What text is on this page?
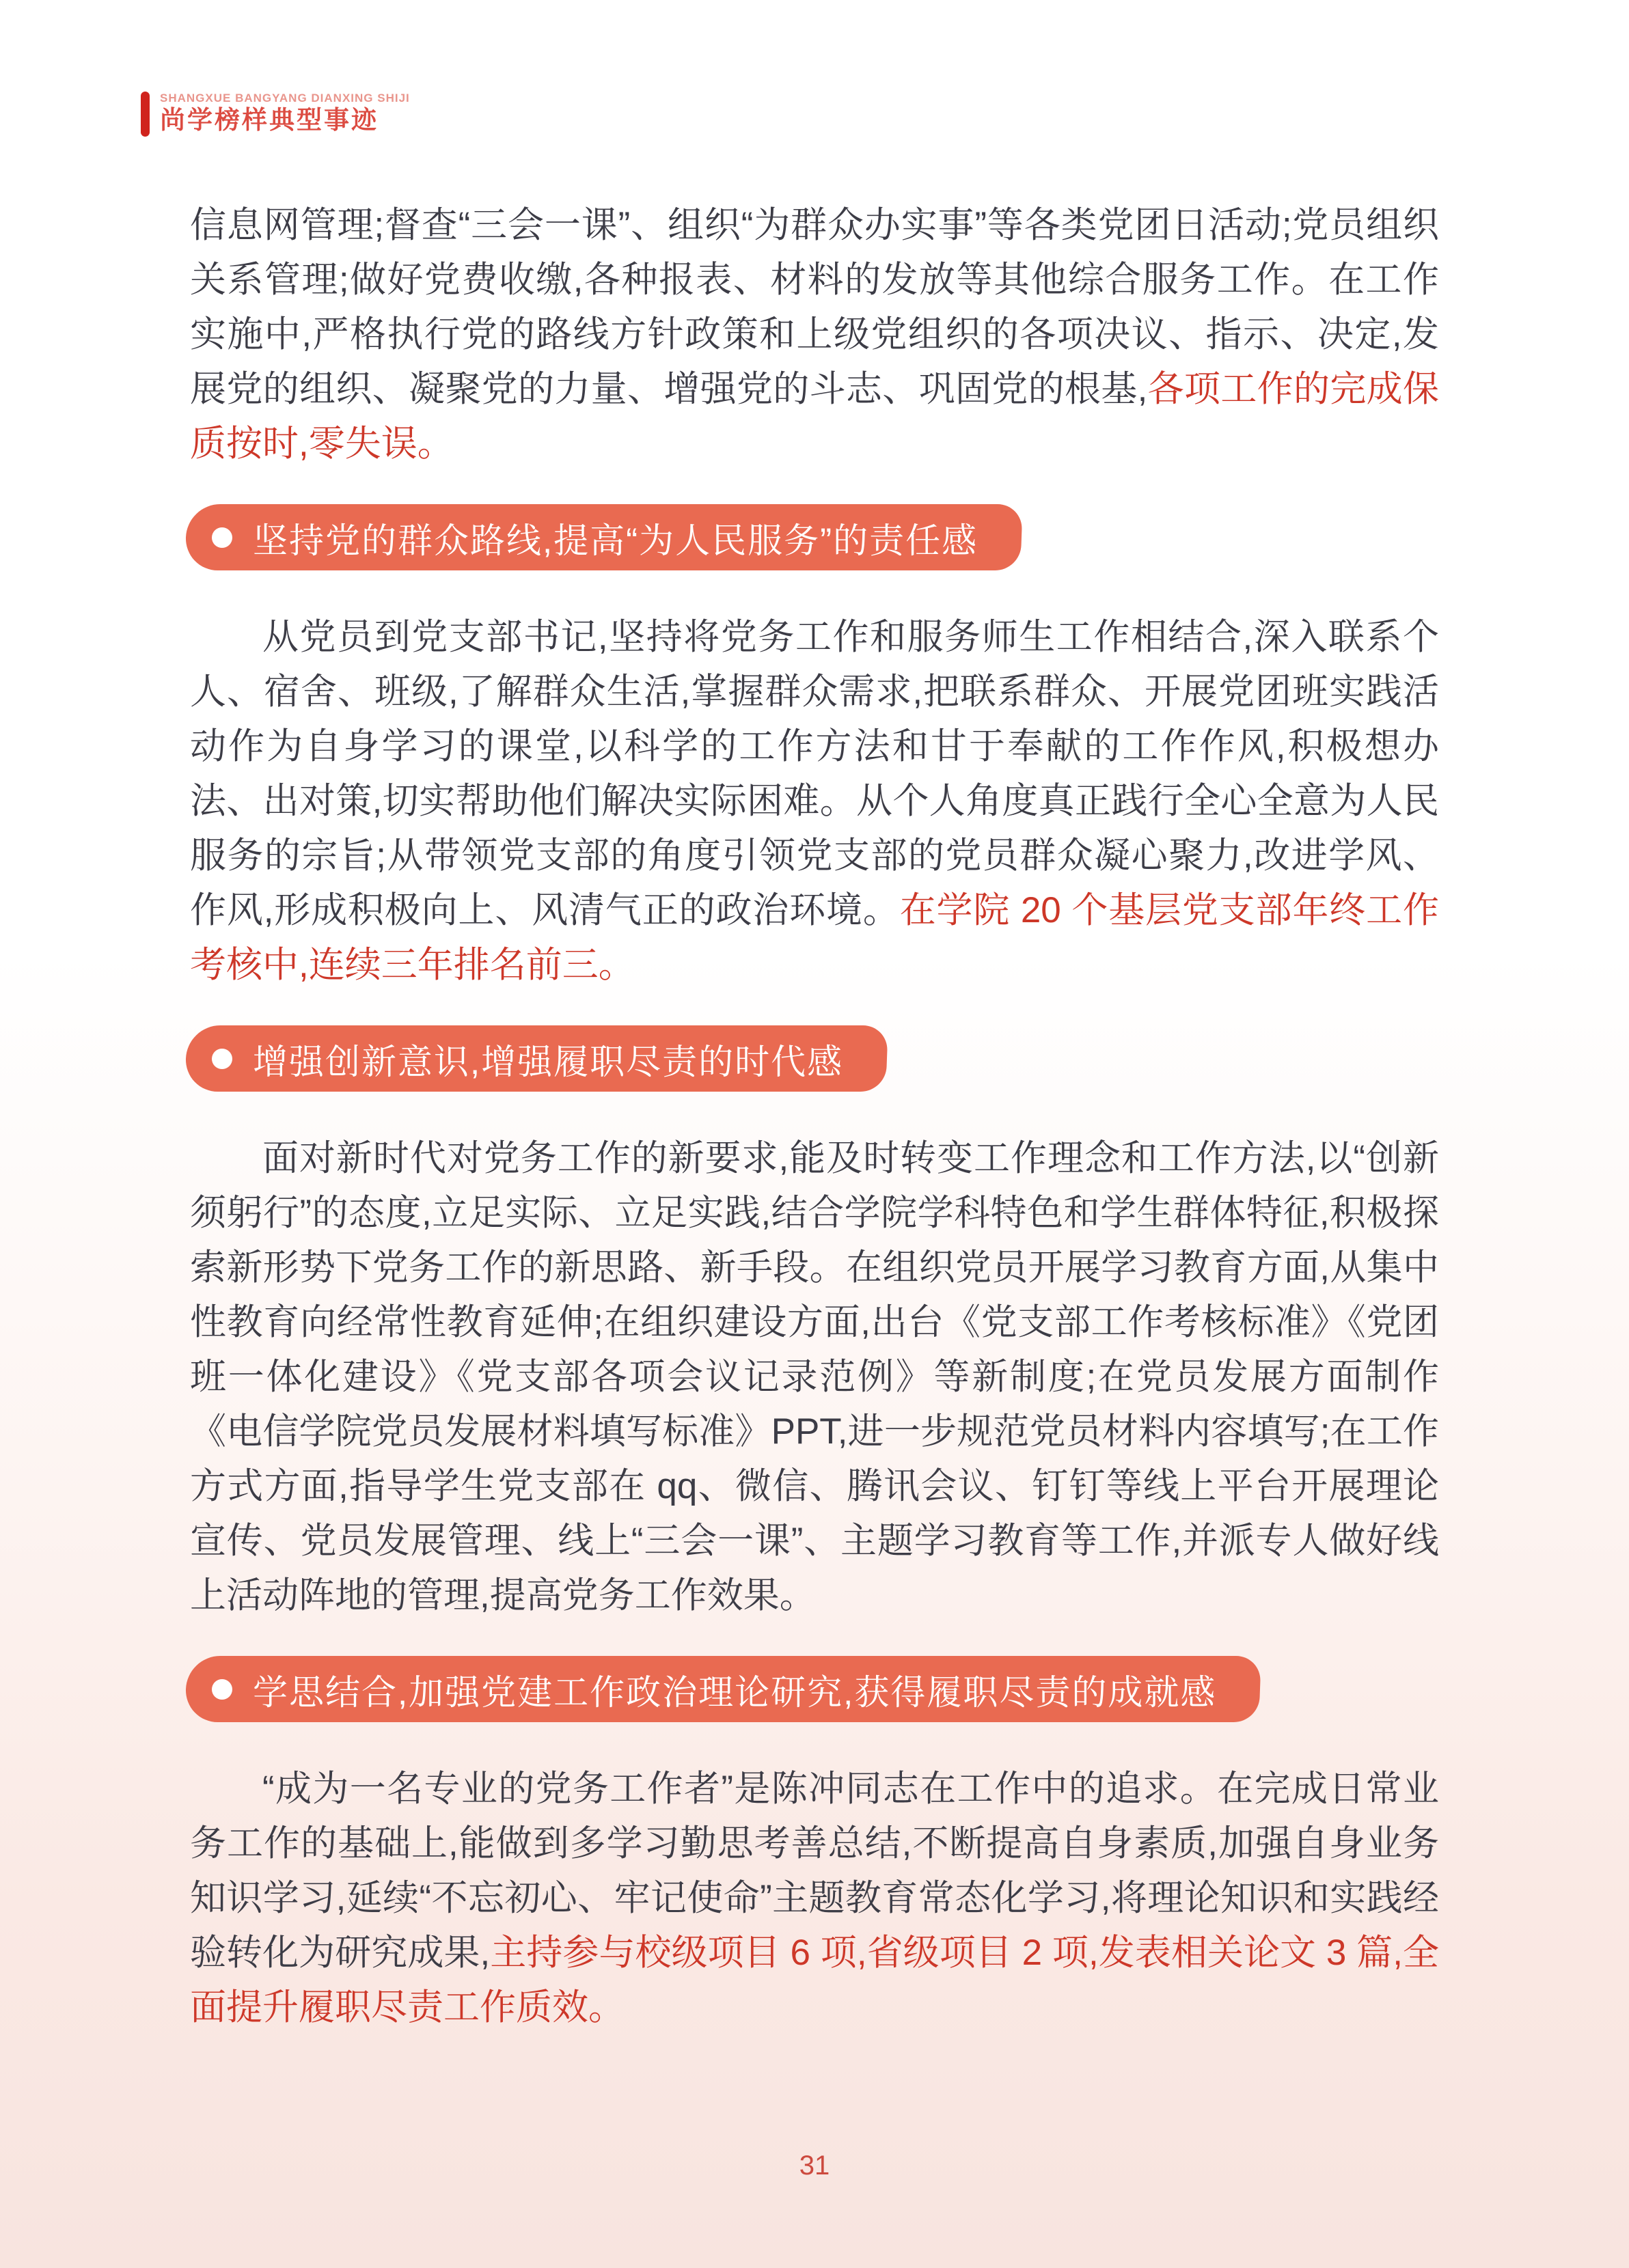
SHANGXUE BANGYANG DIANXING SHIJI
尚学榜样典型事迹

信息网管理;督查“三会一课”、组织“为群众办实事”等各类党团日活动;党员组织关系管理;做好党费收缴,各种报表、材料的发放等其他综合服务工作。在工作实施中,严格执行党的路线方针政策和上级党组织的各项决议、指示、决定,发展党的组织、凝聚党的力量、增强党的斗志、巩固党的根基,各项工作的完成保质按时,零失误。

坚持党的群众路线,提高“为人民服务”的责任感

从党员到党支部书记,坚持将党务工作和服务师生工作相结合,深入联系个人、宿舍、班级,了解群众生活,掌握群众需求,把联系群众、开展党团班实践活动作为自身学习的课堂,以科学的工作方法和甘于奉献的工作作风,积极想办法、出对策,切实帮助他们解决实际困难。从个人角度真正践行全心全意为人民服务的宗旨;从带领党支部的角度引领党支部的党员群众凝心聚力,改进学风、作风,形成积极向上、风清气正的政治环境。在学院 20 个基层党支部年终工作考核中,连续三年排名前三。

增强创新意识,增强履职尽责的时代感

面对新时代对党务工作的新要求,能及时转变工作理念和工作方法,以“创新须躬行”的态度,立足实际、立足实践,结合学院学科特色和学生群体特征,积极探索新形势下党务工作的新思路、新手段。在组织党员开展学习教育方面,从集中性教育向经常性教育延伸;在组织建设方面,出台《党支部工作考核标准》《党团班一体化建设》《党支部各项会议记录范例》等新制度;在党员发展方面制作《电信学院党员发展材料填写标准》PPT,进一步规范党员材料内容填写;在工作方式方面,指导学生党支部在 qq、微信、腾讯会议、钉钉等线上平台开展理论宣传、党员发展管理、线上“三会一课”、主题学习教育等工作,并派专人做好线上活动阵地的管理,提高党务工作效果。

学思结合,加强党建工作政治理论研究,获得履职尽责的成就感

“成为一名专业的党务工作者”是陈冲同志在工作中的追求。在完成日常业务工作的基础上,能做到多学习勤思考善总结,不断提高自身素质,加强自身业务知识学习,延续“不忘初心、牢记使命”主题教育常态化学习,将理论知识和实践经验转化为研究成果,主持参与校级项目 6 项,省级项目 2 项,发表相关论文 3 篇,全面提升履职尽责工作质效。

31
